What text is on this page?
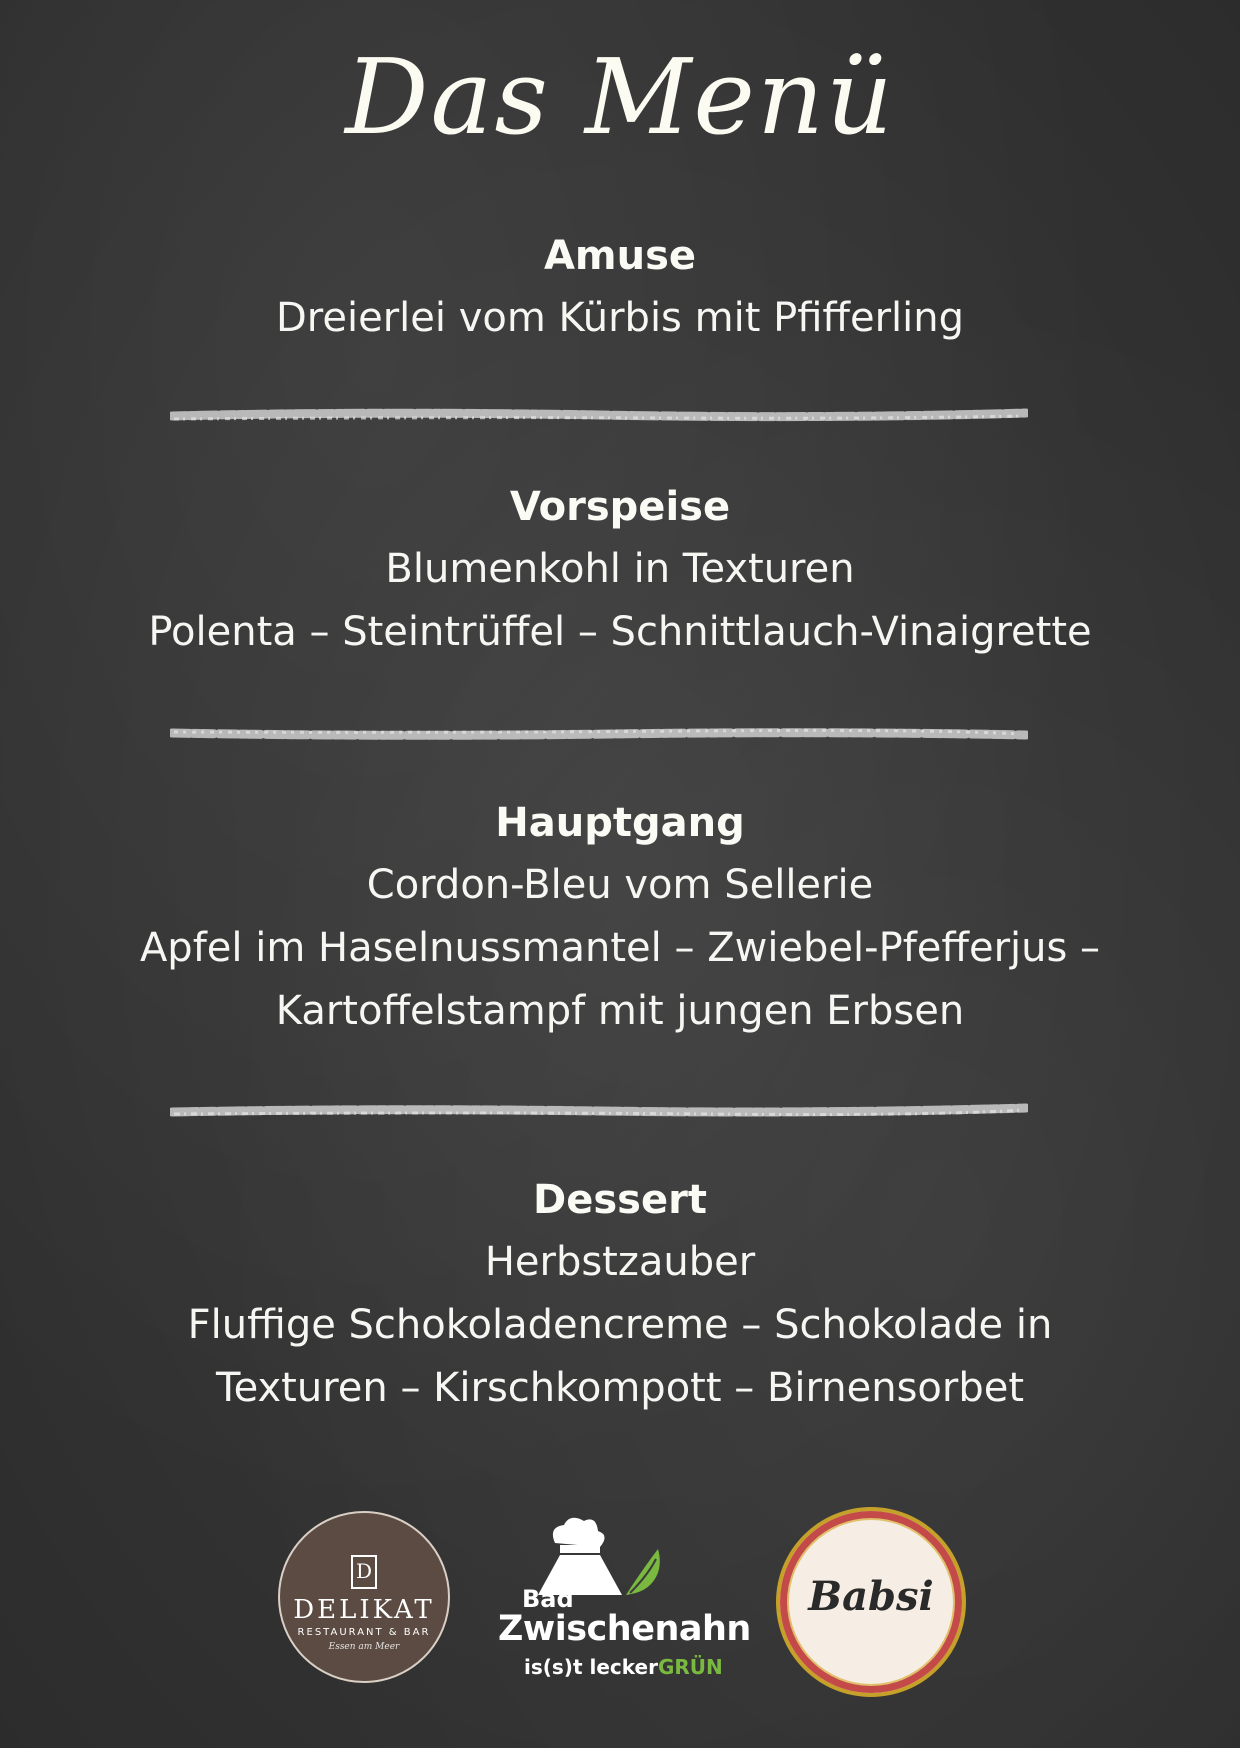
Das Menü
Amuse
Dreierlei vom Kürbis mit Pfifferling
Vorspeise
Blumenkohl in Texturen
Polenta – Steintrüffel – Schnittlauch-Vinaigrette
Hauptgang
Cordon-Bleu vom Sellerie
Apfel im Haselnussmantel – Zwiebel-Pfefferjus –
Kartoffelstampf mit jungen Erbsen
Dessert
Herbstzauber
Fluffige Schokoladencreme – Schokolade in
Texturen – Kirschkompott – Birnensorbet
D
DELIKAT
RESTAURANT & BAR
Essen am Meer
Bad
Zwischenahn
is(s)t leckerGRÜN
Babsi
